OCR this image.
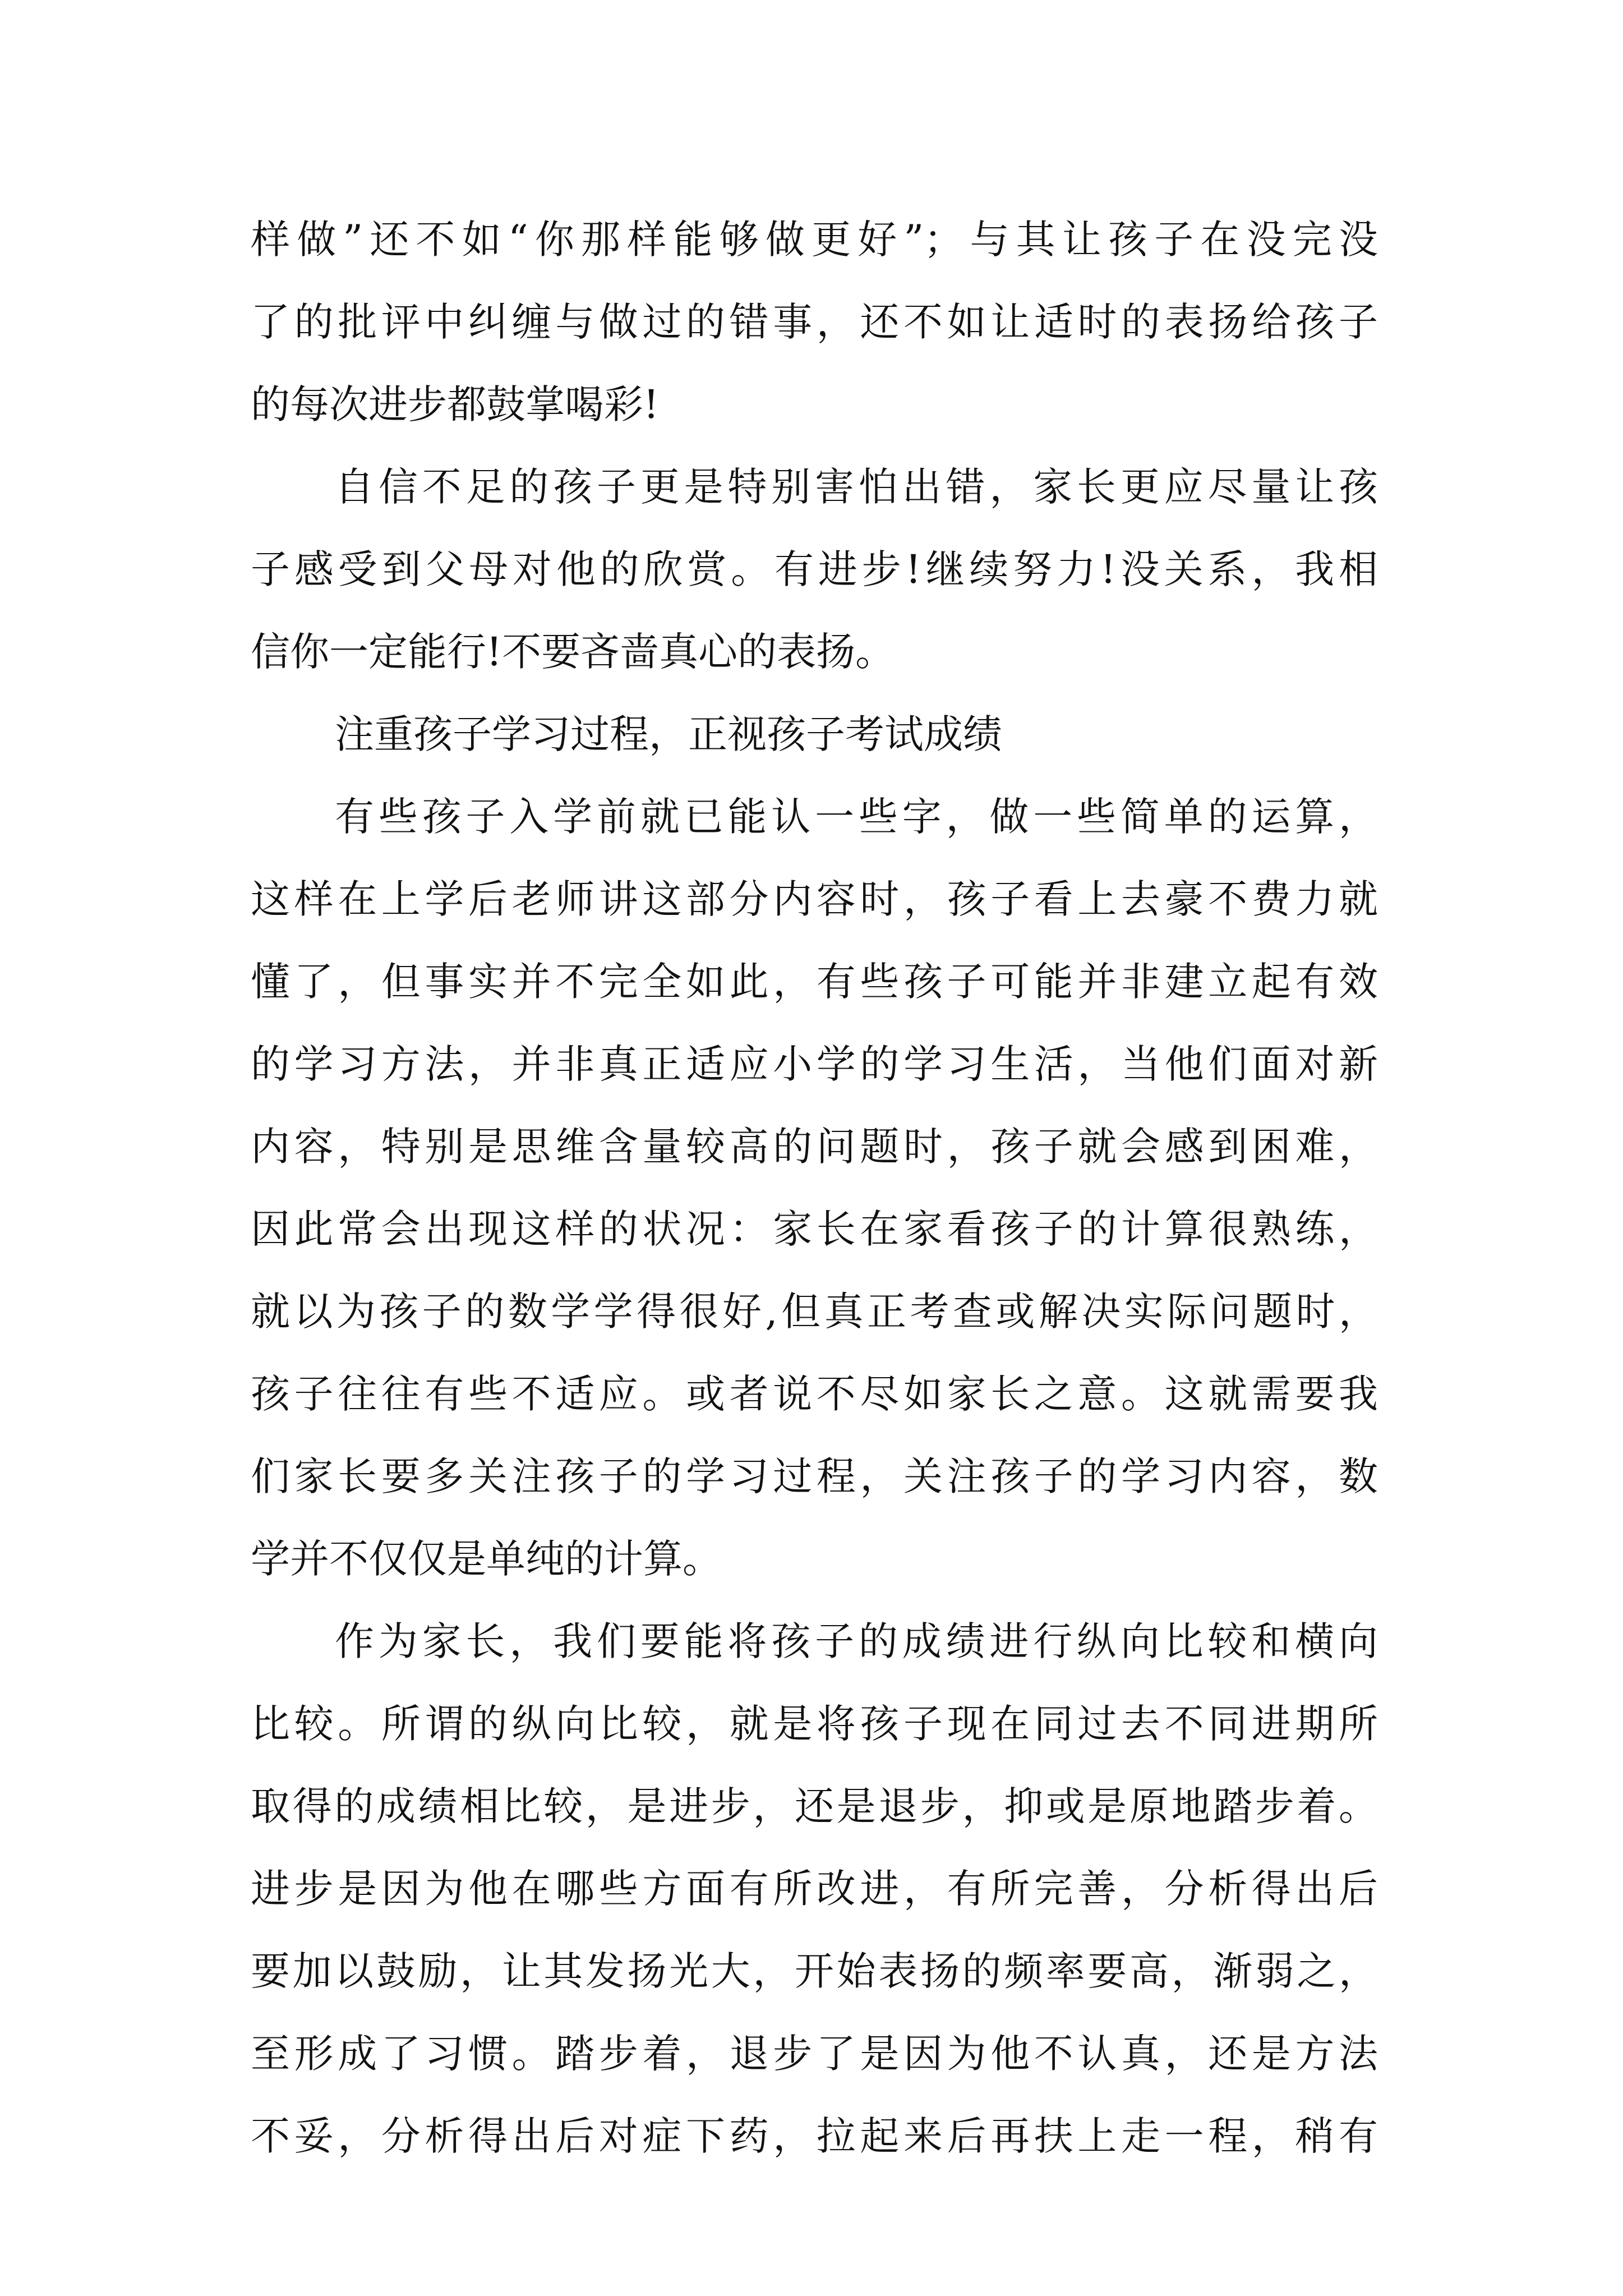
样做”还不如“你那样能够做更好”；与其让孩子在没完没
了的批评中纠缠与做过的错事，还不如让适时的表扬给孩子
的每次进步都鼓掌喝彩!
自信不足的孩子更是特别害怕出错，家长更应尽量让孩
子感受到父母对他的欣赏。有进步!继续努力!没关系，我相
信你一定能行!不要吝啬真心的表扬。
注重孩子学习过程，正视孩子考试成绩
有些孩子入学前就已能认一些字，做一些简单的运算，
这样在上学后老师讲这部分内容时，孩子看上去豪不费力就
懂了，但事实并不完全如此，有些孩子可能并非建立起有效
的学习方法，并非真正适应小学的学习生活，当他们面对新
内容，特别是思维含量较高的问题时，孩子就会感到困难，
因此常会出现这样的状况：家长在家看孩子的计算很熟练，
就以为孩子的数学学得很好,但真正考查或解决实际问题时，
孩子往往有些不适应。或者说不尽如家长之意。这就需要我
们家长要多关注孩子的学习过程，关注孩子的学习内容，数
学并不仅仅是单纯的计算。
作为家长，我们要能将孩子的成绩进行纵向比较和横向
比较。所谓的纵向比较，就是将孩子现在同过去不同进期所
取得的成绩相比较，是进步，还是退步，抑或是原地踏步着。
进步是因为他在哪些方面有所改进，有所完善，分析得出后
要加以鼓励，让其发扬光大，开始表扬的频率要高，渐弱之，
至形成了习惯。踏步着，退步了是因为他不认真，还是方法
不妥，分析得出后对症下药，拉起来后再扶上走一程，稍有
